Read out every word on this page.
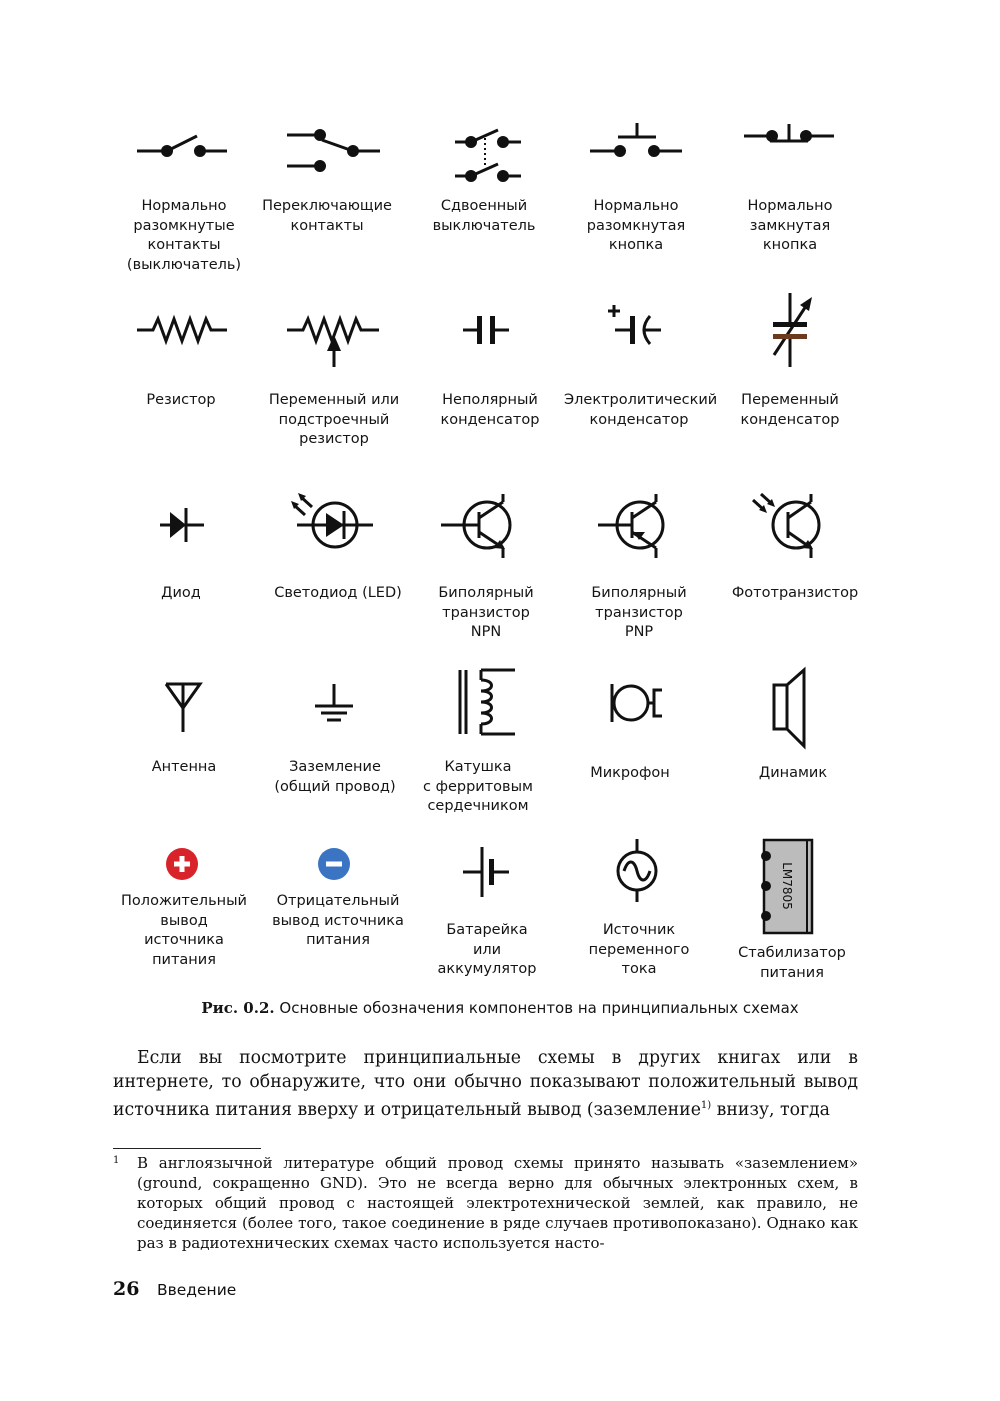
Нормально
разомкнутые
контакты
(выключатель)
Переключающие
контакты
Сдвоенный
выключатель
Нормально
разомкнутая
кнопка
Нормально
замкнутая
кнопка
Резистор	Переменный или
подстроечный
резистор
Неполярный
конденсатор
Электролитический
конденсатор
Переменный
конденсатор
Диод	Светодиод (LED)	Биполярный
транзистор
NPN
Биполярный
транзистор
PNP
Фототранзистор
Антенна	Заземление
(общий провод)
Катушка
с ферритовым
сердечником
Микрофон	Динамик
Положительный
вывод
источника
питания
Отрицательный
вывод источника
питания
Батарейка
или
аккумулятор
Источник
переменного
тока
LM7805
Стабилизатор
питания
Рис. 0.2. Основные обозначения компонентов на принципиальных схемах

Если вы посмотрите принципиальные схемы в других книгах или в интернете, то обнаружите, что они обычно показывают положительный вывод источника питания вверху и отрицательный вывод (заземление$^{1)}$ внизу, тогда

1 В англоязычной литературе общий провод схемы принято называть «заземлением» (ground, сокращенно GND). Это не всегда верно для обычных электронных схем, в которых общий провод с настоящей электротехнической землей, как правило, не соединяется (более того, такое соединение в ряде случаев противопоказано). Однако как раз в радиотехнических схемах часто используется насто-
26 Введение
